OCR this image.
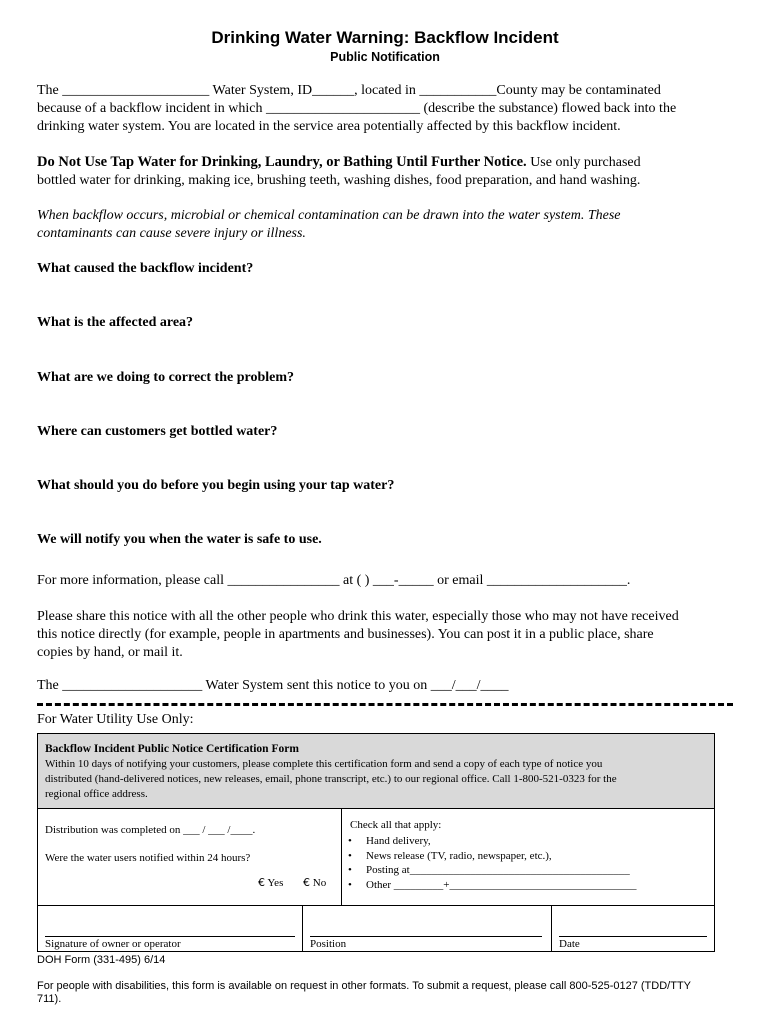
Drinking Water Warning: Backflow Incident
Public Notification
The _____________________ Water System, ID______, located in ___________County may be contaminated
because of a backflow incident in which ______________________ (describe the substance) flowed back into the
drinking water system. You are located in the service area potentially affected by this backflow incident.
Do Not Use Tap Water for Drinking, Laundry, or Bathing Until Further Notice. Use only purchased
bottled water for drinking, making ice, brushing teeth, washing dishes, food preparation, and hand washing.
When backflow occurs, microbial or chemical contamination can be drawn into the water system. These
contaminants can cause severe injury or illness.
What caused the backflow incident?
What is the affected area?
What are we doing to correct the problem?
Where can customers get bottled water?
What should you do before you begin using your tap water?
We will notify you when the water is safe to use.
For more information, please call ________________ at ( ) ___-_____ or email ____________________.
Please share this notice with all the other people who drink this water, especially those who may not have received
this notice directly (for example, people in apartments and businesses). You can post it in a public place, share
copies by hand, or mail it.
The ____________________ Water System sent this notice to you on ___/___/____
For Water Utility Use Only:
Backflow Incident Public Notice Certification Form
Within 10 days of notifying your customers, please complete this certification form and send a copy of each type of notice you
distributed (hand-delivered notices, new releases, email, phone transcript, etc.) to our regional office. Call 1-800-521-0323 for the
regional office address.
Distribution was completed on ___ / ___ /____.
Were the water users notified within 24 hours?
€ Yes € No
Check all that apply:
• Hand delivery,
• News release (TV, radio, newspaper, etc.),
• Posting at________________________________________
• Other _________+__________________________________
Signature of owner or operator	Position	Date
DOH Form (331-495) 6/14
For people with disabilities, this form is available on request in other formats. To submit a request, please call 800-525-0127 (TDD/TTY
711).
